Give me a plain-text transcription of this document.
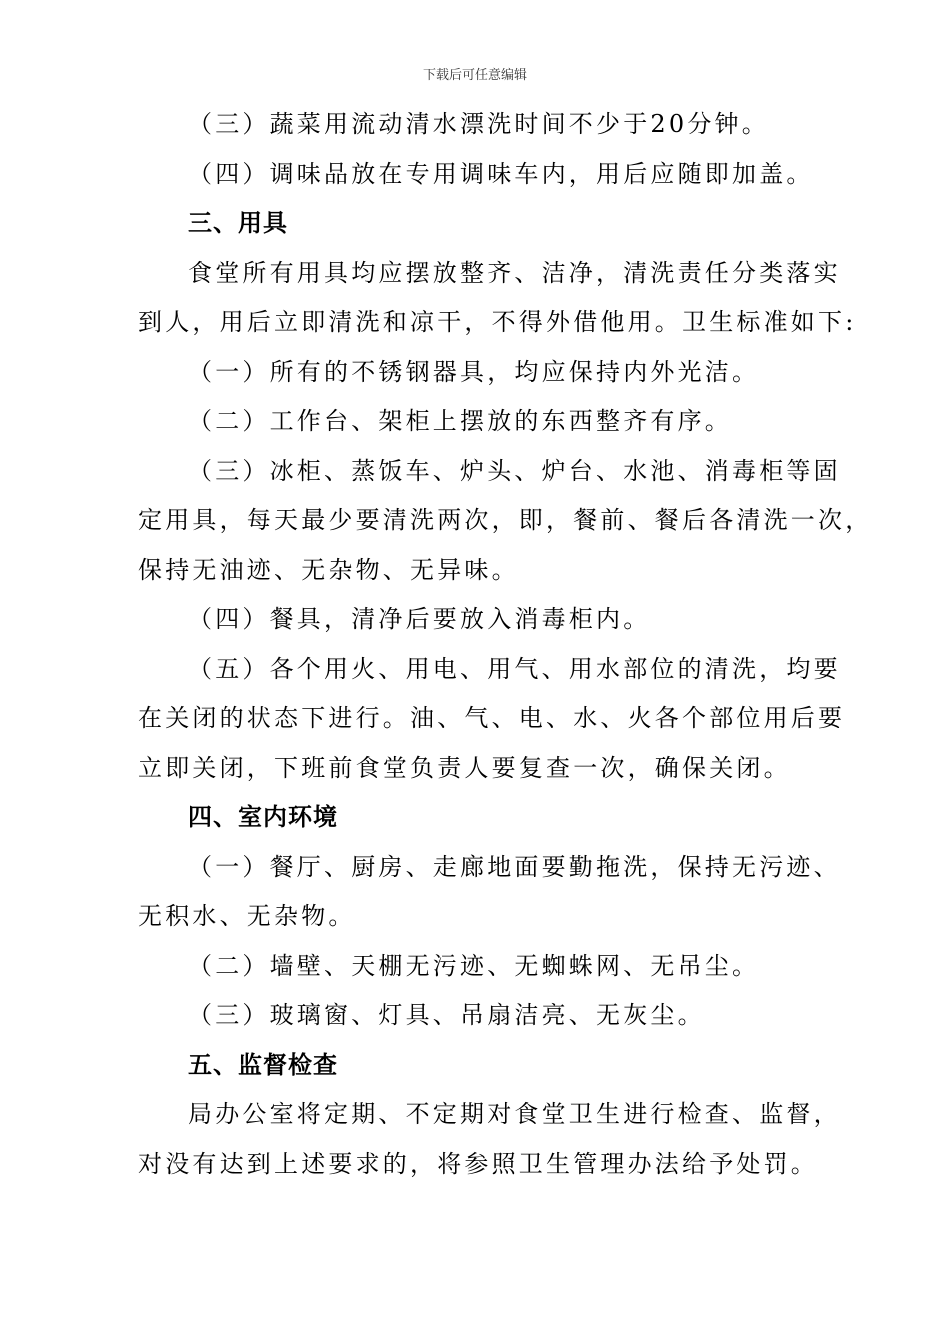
下载后可任意编辑
（三）蔬菜用流动清水漂洗时间不少于20分钟。
（四）调味品放在专用调味车内，用后应随即加盖。
三、用具
食堂所有用具均应摆放整齐、洁净，清洗责任分类落实
到人，用后立即清洗和凉干，不得外借他用。卫生标准如下:
（一）所有的不锈钢器具，均应保持内外光洁。
（二）工作台、架柜上摆放的东西整齐有序。
（三）冰柜、蒸饭车、炉头、炉台、水池、消毒柜等固
定用具，每天最少要清洗两次，即，餐前、餐后各清洗一次，
保持无油迹、无杂物、无异味。
（四）餐具，清净后要放入消毒柜内。
（五）各个用火、用电、用气、用水部位的清洗，均要
在关闭的状态下进行。油、气、电、水、火各个部位用后要
立即关闭，下班前食堂负责人要复查一次，确保关闭。
四、室内环境
（一）餐厅、厨房、走廊地面要勤拖洗，保持无污迹、
无积水、无杂物。
（二）墙壁、天棚无污迹、无蜘蛛网、无吊尘。
（三）玻璃窗、灯具、吊扇洁亮、无灰尘。
五、监督检查
局办公室将定期、不定期对食堂卫生进行检查、监督，
对没有达到上述要求的，将参照卫生管理办法给予处罚。
